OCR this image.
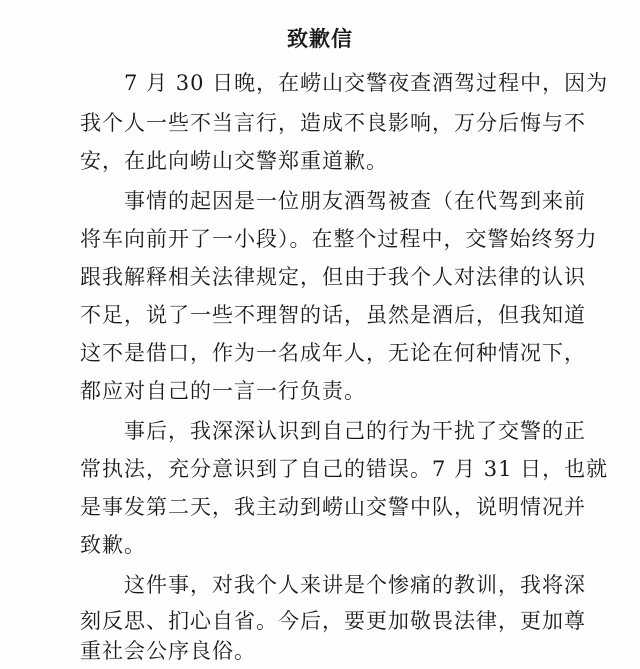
致歉信
7 月 30 日晚，在崂山交警夜查酒驾过程中，因为
我个人一些不当言行，造成不良影响，万分后悔与不
安，在此向崂山交警郑重道歉。
事情的起因是一位朋友酒驾被查（在代驾到来前
将车向前开了一小段）。在整个过程中，交警始终努力
跟我解释相关法律规定，但由于我个人对法律的认识
不足，说了一些不理智的话，虽然是酒后，但我知道
这不是借口，作为一名成年人，无论在何种情况下，
都应对自己的一言一行负责。
事后，我深深认识到自己的行为干扰了交警的正
常执法，充分意识到了自己的错误。7 月 31 日，也就
是事发第二天，我主动到崂山交警中队，说明情况并
致歉。
这件事，对我个人来讲是个惨痛的教训，我将深
刻反思、扪心自省。今后，要更加敬畏法律，更加尊
重社会公序良俗。
